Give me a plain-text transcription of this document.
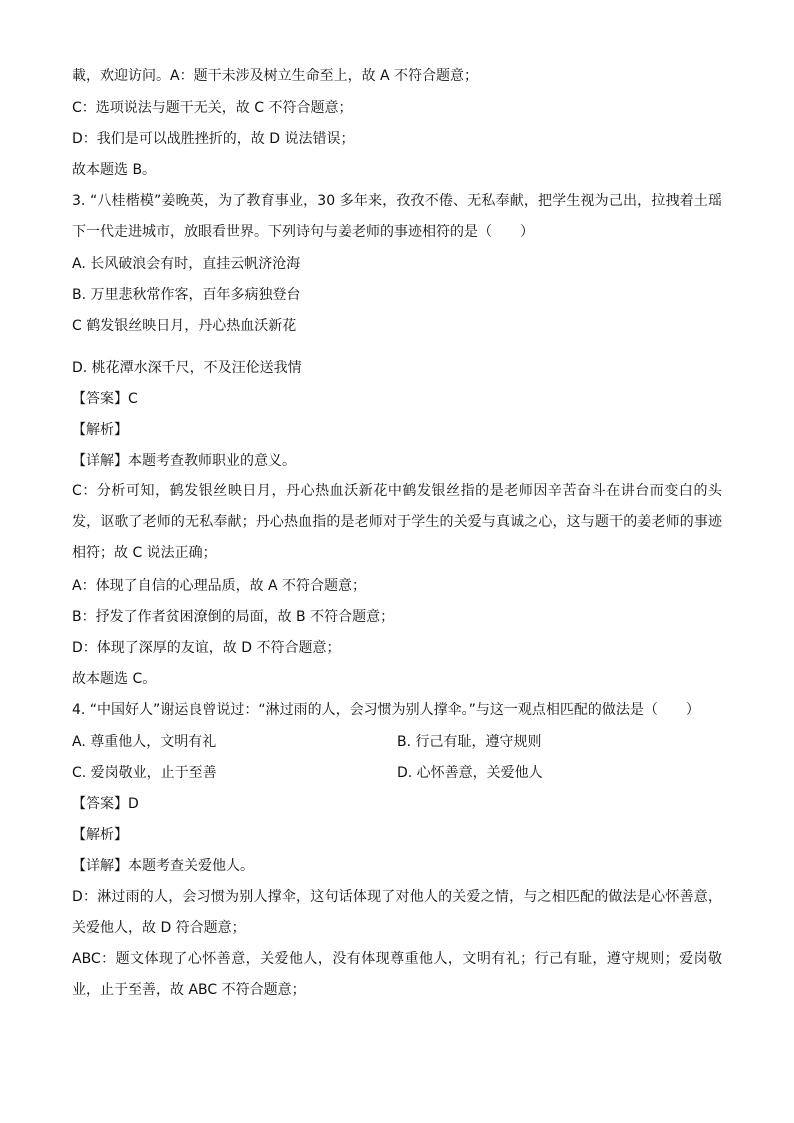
載，欢迎访问。A：题干未涉及树立生命至上，故 A 不符合题意；
C：选项说法与题干无关，故 C 不符合题意；
D：我们是可以战胜挫折的，故 D 说法错误；
故本题选 B。
3. “八桂楷模”姜晚英，为了教育事业，30 多年来，孜孜不倦、无私奉献，把学生视为己出，拉拽着土瑶下一代走进城市，放眼看世界。下列诗句与姜老师的事迹相符的是（　　）
A. 长风破浪会有时，直挂云帆济沧海
B. 万里悲秋常作客，百年多病独登台
C 鹤发银丝映日月，丹心热血沃新花
D. 桃花潭水深千尺，不及汪伦送我情
【答案】C
【解析】
【详解】本题考查教师职业的意义。
C：分析可知，鹤发银丝映日月，丹心热血沃新花中鹤发银丝指的是老师因辛苦奋斗在讲台而变白的头发，讴歌了老师的无私奉献；丹心热血指的是老师对于学生的关爱与真诚之心，这与题干的姜老师的事迹相符；故 C 说法正确；
A：体现了自信的心理品质，故 A 不符合题意；
B：抒发了作者贫困潦倒的局面，故 B 不符合题意；
D：体现了深厚的友谊，故 D 不符合题意；
故本题选 C。
4. “中国好人”谢运良曾说过：“淋过雨的人，会习惯为别人撑伞。”与这一观点相匹配的做法是（　　）
A. 尊重他人，文明有礼	B. 行己有耻，遵守规则
C. 爱岗敬业，止于至善	D. 心怀善意，关爱他人
【答案】D
【解析】
【详解】本题考查关爱他人。
D：淋过雨的人，会习惯为别人撑伞，这句话体现了对他人的关爱之情，与之相匹配的做法是心怀善意，关爱他人，故 D 符合题意；
ABC：题文体现了心怀善意，关爱他人，没有体现尊重他人，文明有礼；行己有耻，遵守规则；爱岗敬业，止于至善，故 ABC 不符合题意；
